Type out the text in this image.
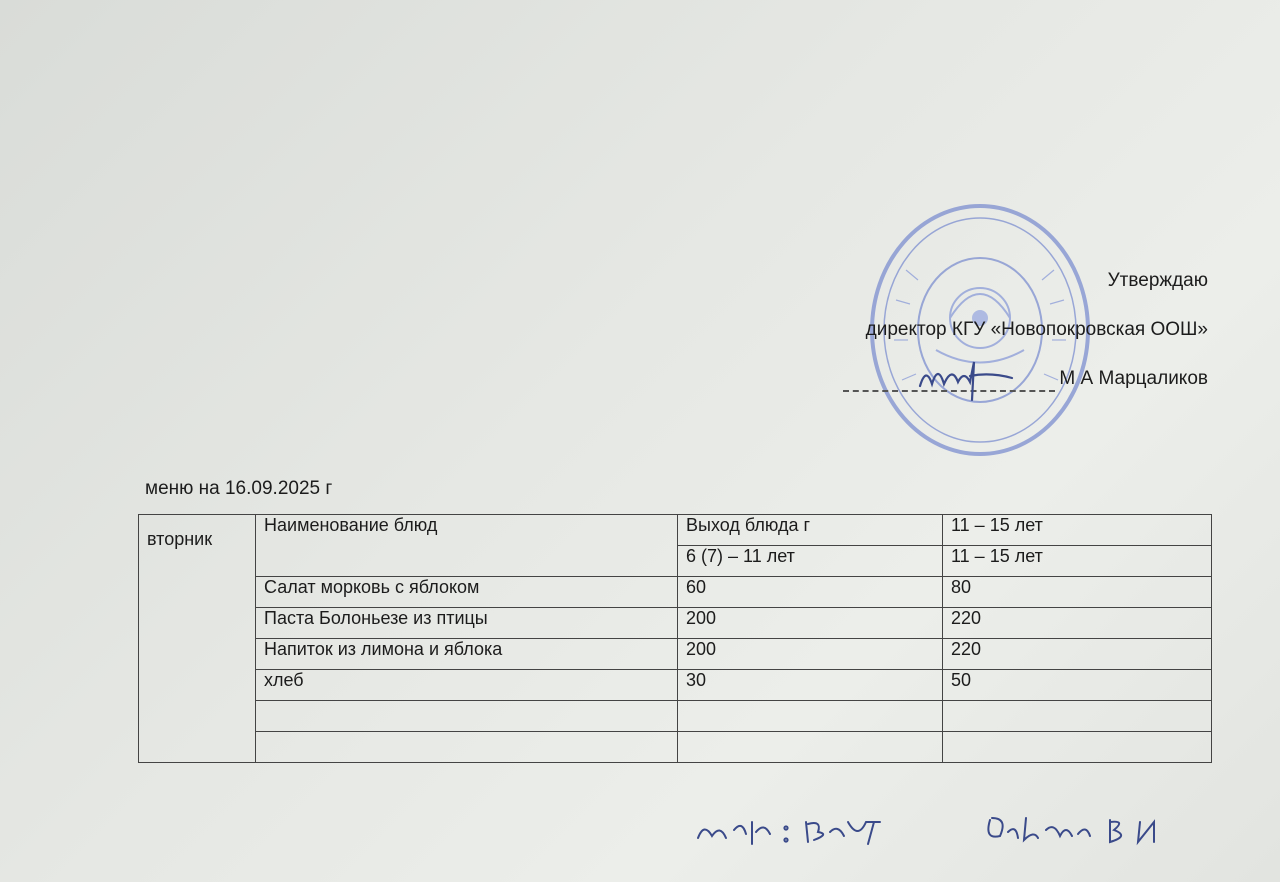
Утверждаю
директор КГУ «Новопокровская ООШ»
М А Марцаликов
меню на 16.09.2025 г
вторник	Наименование блюд	Выход блюда г	11 – 15 лет
		6 (7) – 11 лет	11 – 15 лет
	Салат морковь с яблоком	60	80
	Паста Болоньезе из птицы	200	220
	Напиток из лимона и яблока	200	220
	хлеб	30	50
